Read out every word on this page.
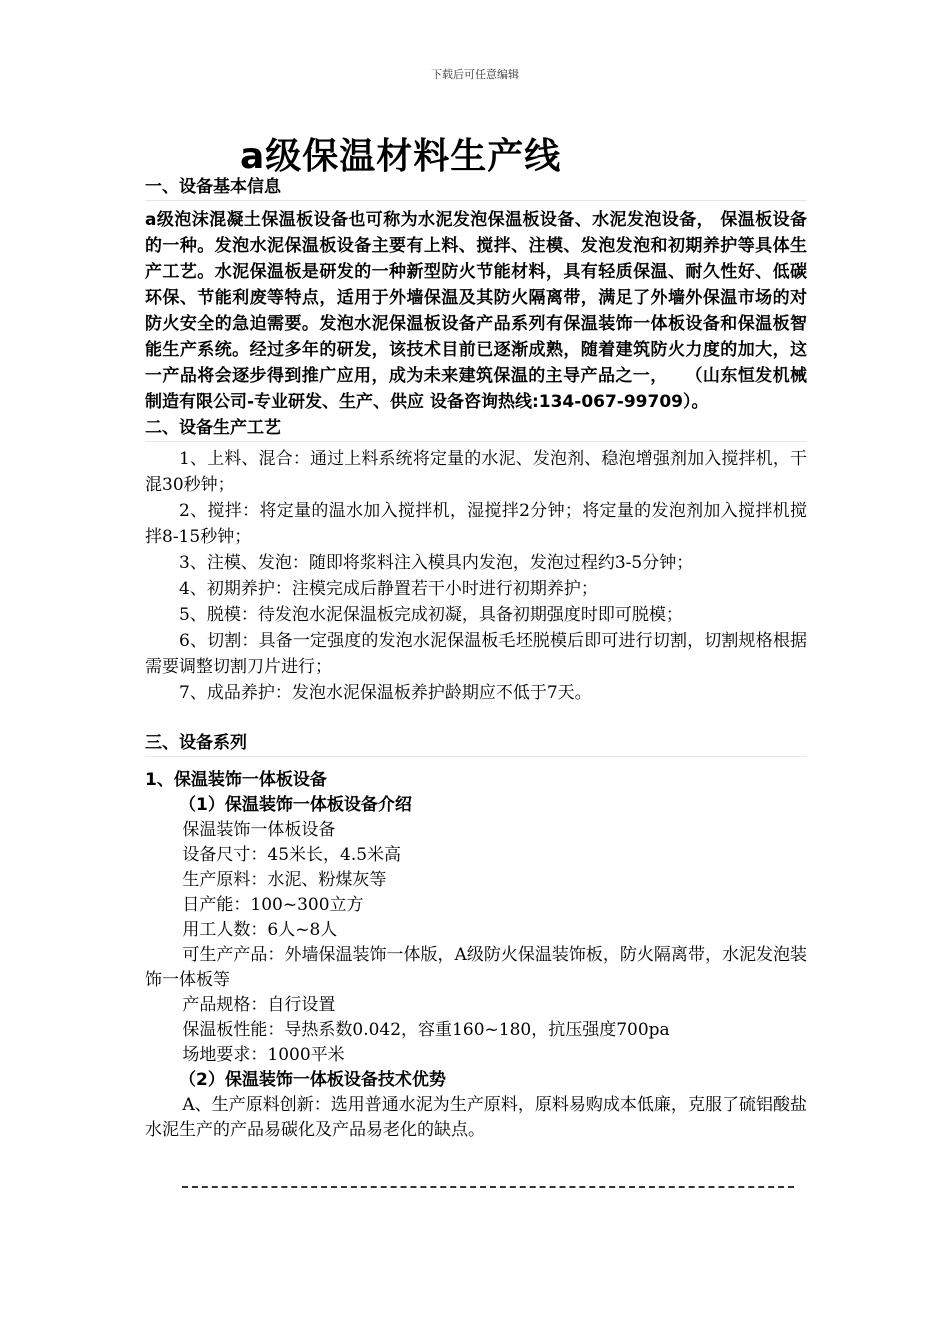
下载后可任意编辑
a级保温材料生产线
一、设备基本信息
a级泡沫混凝土保温板设备也可称为水泥发泡保温板设备、水泥发泡设备， 保温板设备的一种。发泡水泥保温板设备主要有上料、搅拌、注模、发泡发泡和初期养护等具体生产工艺。水泥保温板是研发的一种新型防火节能材料，具有轻质保温、耐久性好、低碳环保、节能利废等特点，适用于外墙保温及其防火隔离带，满足了外墙外保温市场的对防火安全的急迫需要。发泡水泥保温板设备产品系列有保温装饰一体板设备和保温板智能生产系统。经过多年的研发，该技术目前已逐渐成熟，随着建筑防火力度的加大，这一产品将会逐步得到推广应用，成为未来建筑保温的主导产品之一，　　（山东恒发机械制造有限公司-专业研发、生产、供应 设备咨询热线:134-067-99709）。
二、设备生产工艺

1、上料、混合：通过上料系统将定量的水泥、发泡剂、稳泡增强剂加入搅拌机，干混30秒钟；

2、搅拌：将定量的温水加入搅拌机，湿搅拌2分钟；将定量的发泡剂加入搅拌机搅拌8-15秒钟；

3、注模、发泡：随即将浆料注入模具内发泡，发泡过程约3-5分钟；

4、初期养护：注模完成后静置若干小时进行初期养护；

5、脱模：待发泡水泥保温板完成初凝，具备初期强度时即可脱模；

6、切割：具备一定强度的发泡水泥保温板毛坯脱模后即可进行切割，切割规格根据需要调整切割刀片进行；

7、成品养护：发泡水泥保温板养护龄期应不低于7天。

三、设备系列
1、保温装饰一体板设备
（1）保温装饰一体板设备介绍

保温装饰一体板设备

设备尺寸：45米长，4.5米高

生产原料：水泥、粉煤灰等

日产能：100~300立方

用工人数：6人~8人

可生产产品：外墙保温装饰一体版，A级防火保温装饰板，防火隔离带，水泥发泡装饰一体板等

产品规格：自行设置

保温板性能：导热系数0.042，容重160~180，抗压强度700pa

场地要求：1000平米

（2）保温装饰一体板设备技术优势

A、生产原料创新：选用普通水泥为生产原料，原料易购成本低廉，克服了硫铝酸盐水泥生产的产品易碳化及产品易老化的缺点。
